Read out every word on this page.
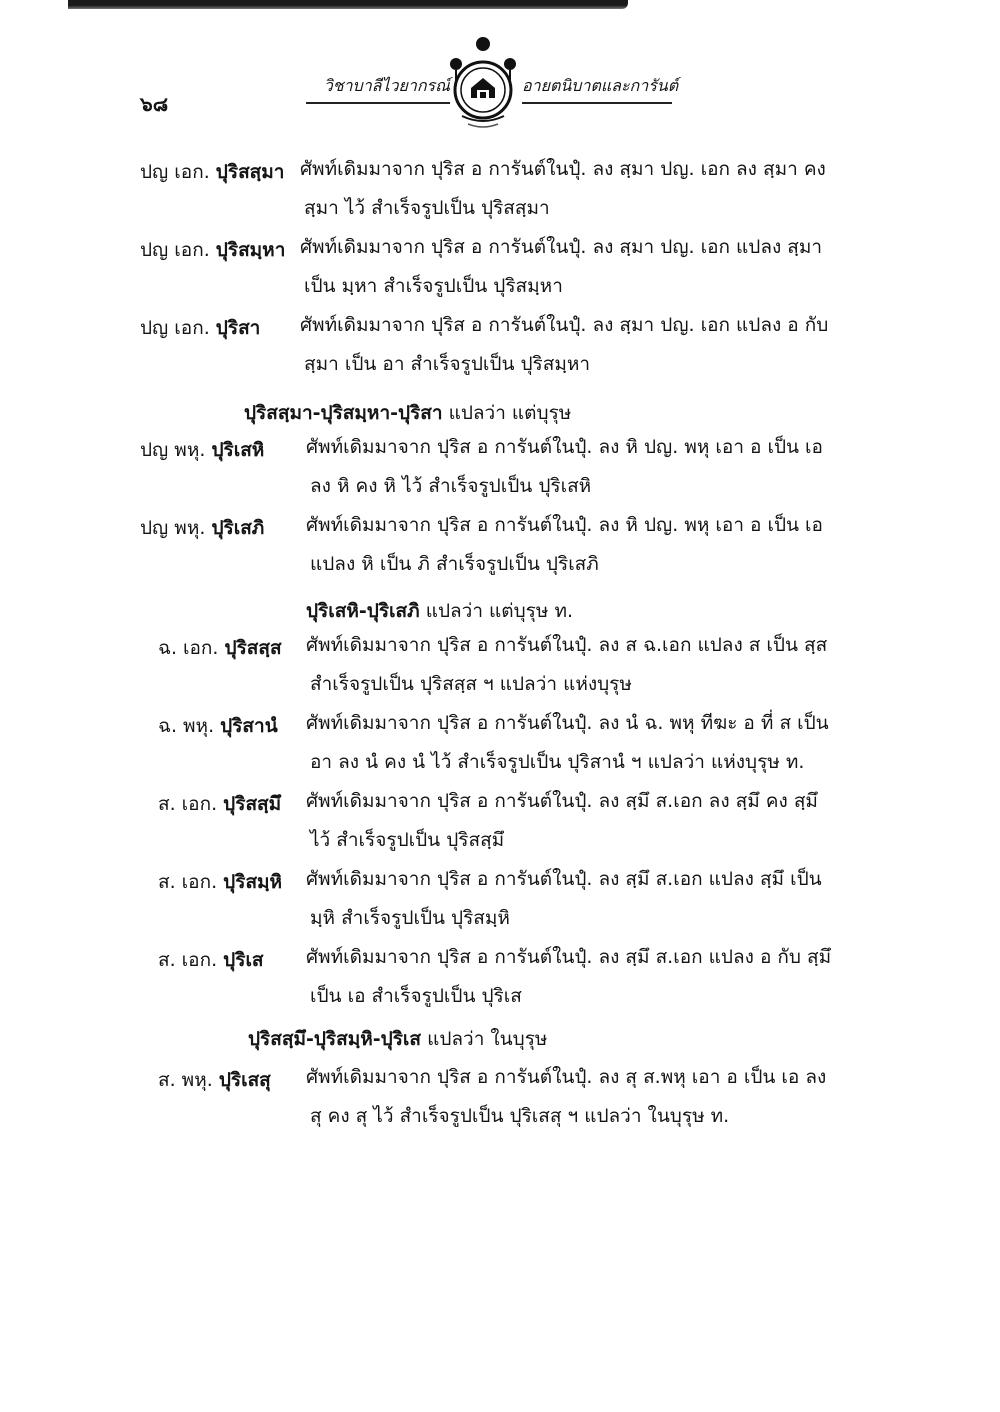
๖๘
วิชาบาลีไวยากรณ์	อายตนิบาตและการันต์
ปญ เอก. ปุริสสฺมา ศัพท์เดิมมาจาก ปุริส อ การันต์ในปุํ. ลง สฺมา ปญ. เอก ลง สฺมา คง
สฺมา ไว้ สำเร็จรูปเป็น ปุริสสฺมา
ปญ เอก. ปุริสมฺหา ศัพท์เดิมมาจาก ปุริส อ การันต์ในปุํ. ลง สฺมา ปญ. เอก แปลง สฺมา
เป็น มฺหา สำเร็จรูปเป็น ปุริสมฺหา
ปญ เอก. ปุริสา	ศัพท์เดิมมาจาก ปุริส อ การันต์ในปุํ. ลง สฺมา ปญ. เอก แปลง อ กับ
สฺมา เป็น อา สำเร็จรูปเป็น ปุริสมฺหา
ปุริสสฺมา-ปุริสมฺหา-ปุริสา แปลว่า แต่บุรุษ
ปญ พหุ. ปุริเสหิ	ศัพท์เดิมมาจาก ปุริส อ การันต์ในปุํ. ลง หิ ปญ. พหุ เอา อ เป็น เอ
ลง หิ คง หิ ไว้ สำเร็จรูปเป็น ปุริเสหิ
ปญ พหุ. ปุริเสภิ	ศัพท์เดิมมาจาก ปุริส อ การันต์ในปุํ. ลง หิ ปญ. พหุ เอา อ เป็น เอ
แปลง หิ เป็น ภิ สำเร็จรูปเป็น ปุริเสภิ
ปุริเสหิ-ปุริเสภิ แปลว่า แต่บุรุษ ท.
ฉ. เอก. ปุริสสฺส	ศัพท์เดิมมาจาก ปุริส อ การันต์ในปุํ. ลง ส ฉ.เอก แปลง ส เป็น สฺส
สำเร็จรูปเป็น ปุริสสฺส ฯ แปลว่า แห่งบุรุษ
ฉ. พหุ. ปุริสานํ	ศัพท์เดิมมาจาก ปุริส อ การันต์ในปุํ. ลง นํ ฉ. พหุ ทีฆะ อ ที่ ส เป็น
อา ลง นํ คง นํ ไว้ สำเร็จรูปเป็น ปุริสานํ ฯ แปลว่า แห่งบุรุษ ท.
ส. เอก. ปุริสสฺมึ	ศัพท์เดิมมาจาก ปุริส อ การันต์ในปุํ. ลง สฺมึ ส.เอก ลง สฺมึ คง สฺมึ
ไว้ สำเร็จรูปเป็น ปุริสสฺมึ
ส. เอก. ปุริสมฺหิ	ศัพท์เดิมมาจาก ปุริส อ การันต์ในปุํ. ลง สฺมึ ส.เอก แปลง สฺมึ เป็น
มฺหิ สำเร็จรูปเป็น ปุริสมฺหิ
ส. เอก. ปุริเส	ศัพท์เดิมมาจาก ปุริส อ การันต์ในปุํ. ลง สฺมึ ส.เอก แปลง อ กับ สฺมึ
เป็น เอ สำเร็จรูปเป็น ปุริเส
ปุริสสฺมึ-ปุริสมฺหิ-ปุริเส แปลว่า ในบุรุษ
ส. พหุ. ปุริเสสุ	ศัพท์เดิมมาจาก ปุริส อ การันต์ในปุํ. ลง สุ ส.พหุ เอา อ เป็น เอ ลง
สุ คง สุ ไว้ สำเร็จรูปเป็น ปุริเสสุ ฯ แปลว่า ในบุรุษ ท.
